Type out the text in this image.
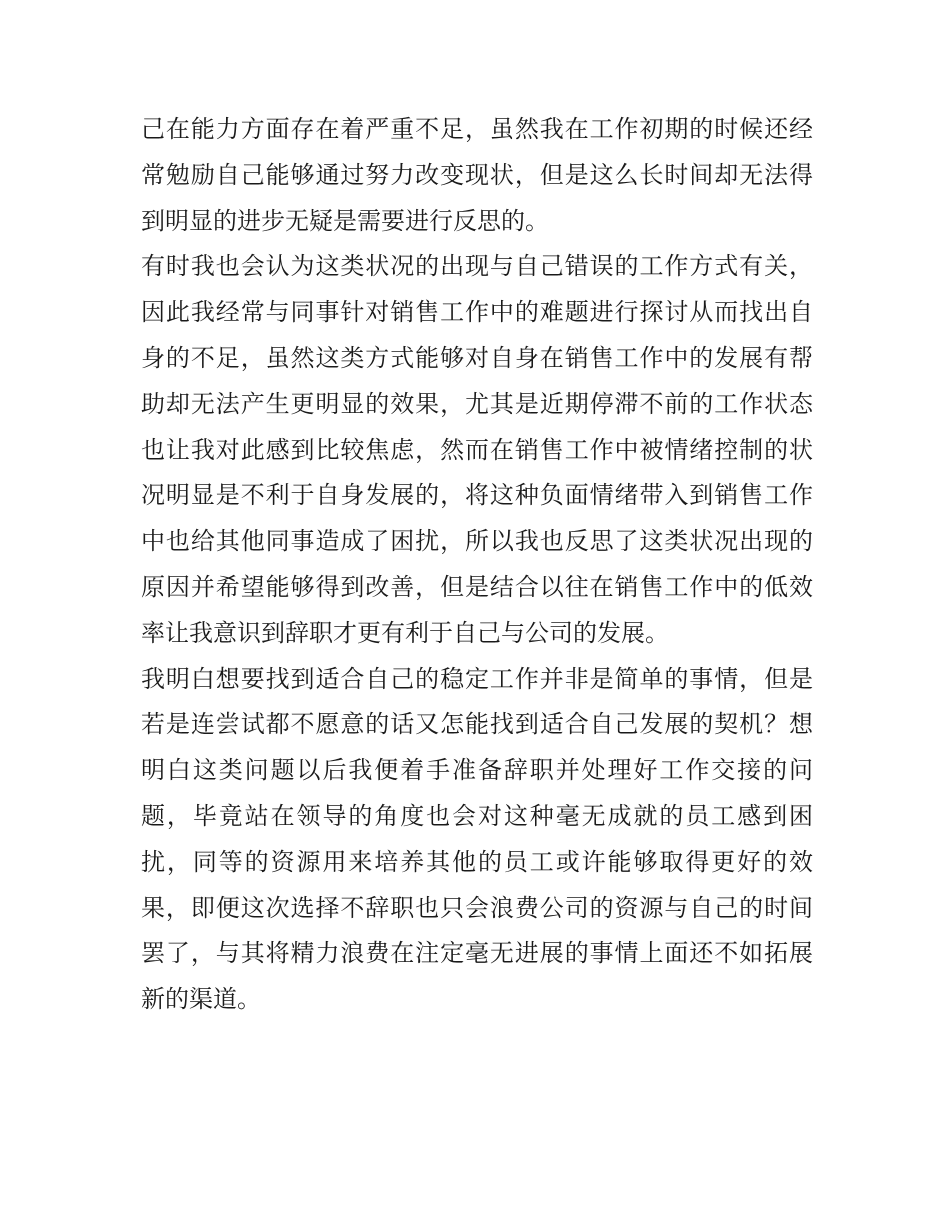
己在能力方面存在着严重不足，虽然我在工作初期的时候还经
常勉励自己能够通过努力改变现状，但是这么长时间却无法得
到明显的进步无疑是需要进行反思的。
有时我也会认为这类状况的出现与自己错误的工作方式有关，
因此我经常与同事针对销售工作中的难题进行探讨从而找出自
身的不足，虽然这类方式能够对自身在销售工作中的发展有帮
助却无法产生更明显的效果，尤其是近期停滞不前的工作状态
也让我对此感到比较焦虑，然而在销售工作中被情绪控制的状
况明显是不利于自身发展的，将这种负面情绪带入到销售工作
中也给其他同事造成了困扰，所以我也反思了这类状况出现的
原因并希望能够得到改善，但是结合以往在销售工作中的低效
率让我意识到辞职才更有利于自己与公司的发展。
我明白想要找到适合自己的稳定工作并非是简单的事情，但是
若是连尝试都不愿意的话又怎能找到适合自己发展的契机？想
明白这类问题以后我便着手准备辞职并处理好工作交接的问
题，毕竟站在领导的角度也会对这种毫无成就的员工感到困
扰，同等的资源用来培养其他的员工或许能够取得更好的效
果，即便这次选择不辞职也只会浪费公司的资源与自己的时间
罢了，与其将精力浪费在注定毫无进展的事情上面还不如拓展
新的渠道。
